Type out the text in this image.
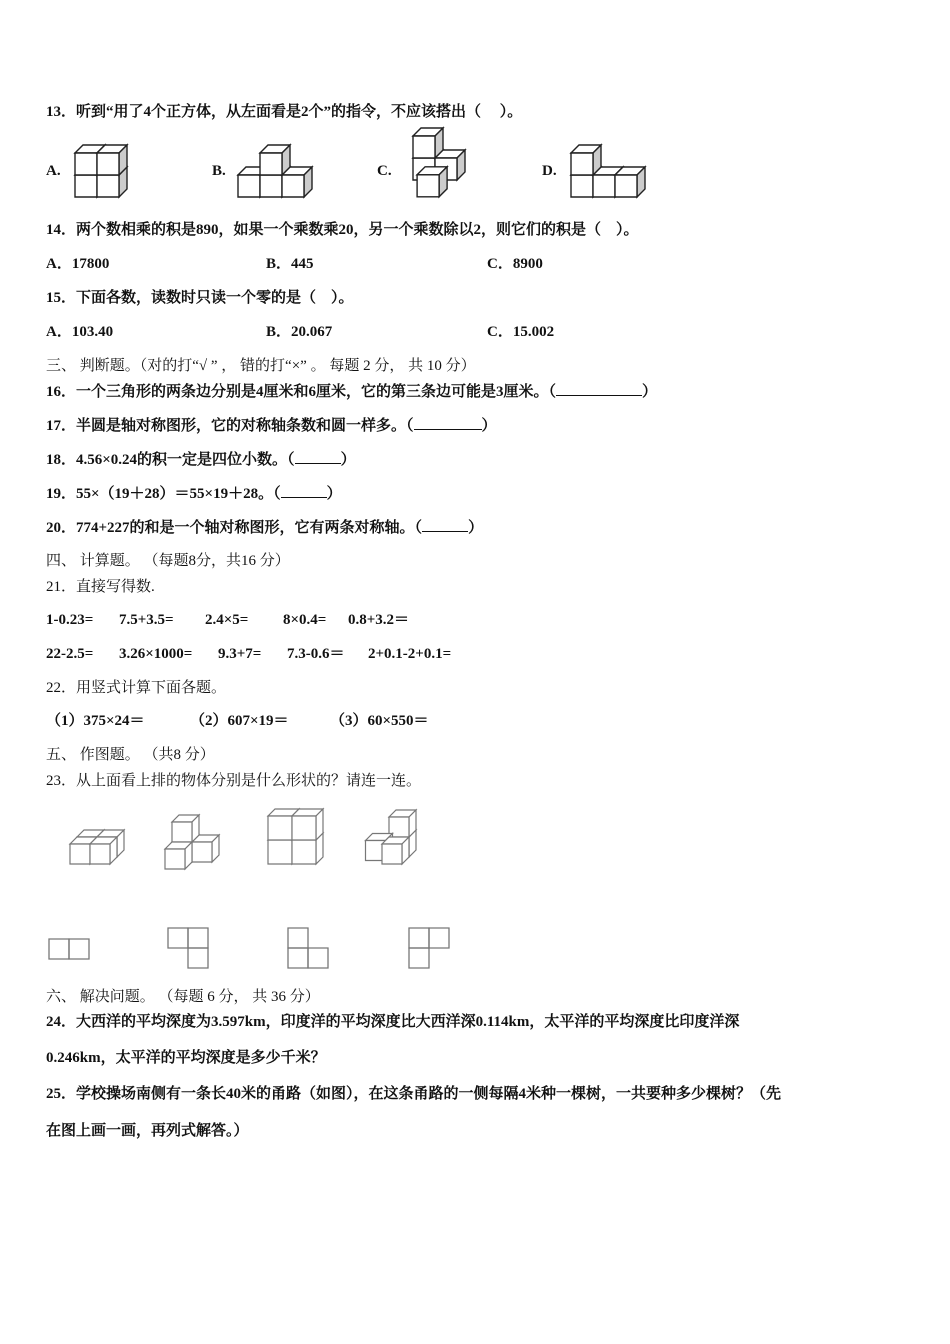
13．听到“用了4个正方体，从左面看是2个”的指令，不应该搭出（　 ）。
A.	B.	C.	D.
14．两个数相乘的积是890，如果一个乘数乘20，另一个乘数除以2，则它们的积是（　）。
A．17800	B．445	C．8900
15．下面各数，读数时只读一个零的是（　）。
A．103.40	B．20.067	C．15.002
三、 判断题。（对的打“√ ” ， 错的打“×” 。 每题 2 分， 共 10 分）
16．一个三角形的两条边分别是4厘米和6厘米，它的第三条边可能是3厘米。（	）
17．半圆是轴对称图形，它的对称轴条数和圆一样多。（	）
18．4.56×0.24的积一定是四位小数。（	）
19．55×（19＋28）＝55×19＋28。（	）
20．774+227的和是一个轴对称图形，它有两条对称轴。（	）
四、 计算题。 （每题8分，共16 分）
21．直接写得数.
1-0.23= 7.5+3.5= 2.4×5= 8×0.4= 0.8+3.2＝
22-2.5= 3.26×1000= 9.3+7= 7.3-0.6＝ 2+0.1-2+0.1=
22．用竖式计算下面各题。
（1）375×24＝	（2）607×19＝	（3）60×550＝
五、 作图题。 （共8 分）
23．从上面看上排的物体分别是什么形状的？请连一连。
六、 解决问题。 （每题 6 分， 共 36 分）
24．大西洋的平均深度为3.597km，印度洋的平均深度比大西洋深0.114km，太平洋的平均深度比印度洋深
0.246km，太平洋的平均深度是多少千米？
25．学校操场南侧有一条长40米的甬路（如图），在这条甬路的一侧每隔4米种一棵树，一共要种多少棵树？（先
在图上画一画，再列式解答。）
